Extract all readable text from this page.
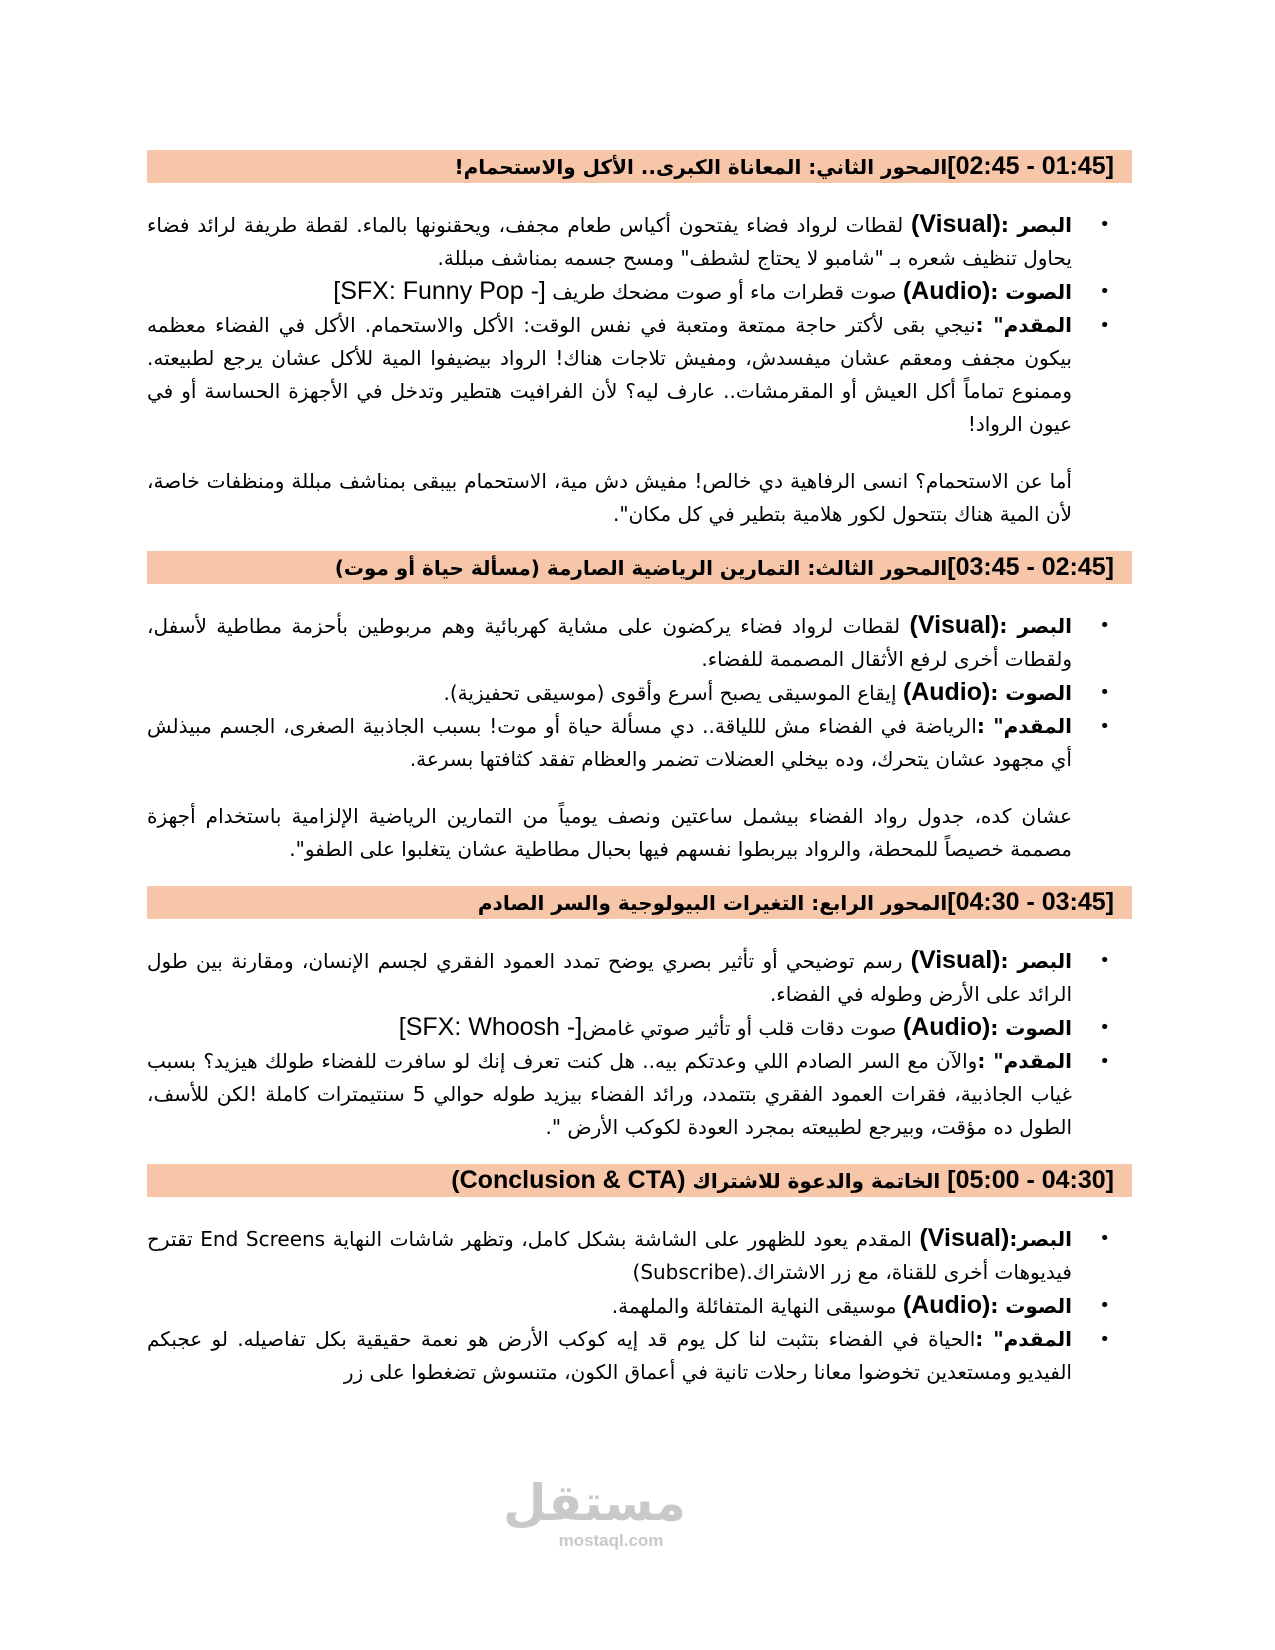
[02:45 - 01:45]المحور الثاني: المعاناة الكبرى.. الأكل والاستحمام!
• البصر :(Visual) لقطات لرواد فضاء يفتحون أكياس طعام مجفف، ويحقنونها بالماء. لقطة طريفة لرائد فضاء يحاول تنظيف شعره بـ "شامبو لا يحتاج لشطف" ومسح جسمه بمناشف مبللة.
• الصوت :(Audio) صوت قطرات ماء أو صوت مضحك طريف [SFX: Funny Pop -]
• المقدم" :نيجي بقى لأكتر حاجة ممتعة ومتعبة في نفس الوقت: الأكل والاستحمام. الأكل في الفضاء معظمه بيكون مجفف ومعقم عشان ميفسدش، ومفيش تلاجات هناك! الرواد بيضيفوا المية للأكل عشان يرجع لطبيعته. وممنوع تماماً أكل العيش أو المقرمشات.. عارف ليه؟ لأن الفرافيت هتطير وتدخل في الأجهزة الحساسة أو في عيون الرواد!
أما عن الاستحمام؟ انسى الرفاهية دي خالص! مفيش دش مية، الاستحمام بيبقى بمناشف مبللة ومنظفات خاصة، لأن المية هناك بتتحول لكور هلامية بتطير في كل مكان".
[03:45 - 02:45]المحور الثالث: التمارين الرياضية الصارمة (مسألة حياة أو موت)
• البصر :(Visual) لقطات لرواد فضاء يركضون على مشاية كهربائية وهم مربوطين بأحزمة مطاطية لأسفل، ولقطات أخرى لرفع الأثقال المصممة للفضاء.
• الصوت :(Audio) إيقاع الموسيقى يصبح أسرع وأقوى (موسيقى تحفيزية).
• المقدم" :الرياضة في الفضاء مش لللياقة.. دي مسألة حياة أو موت! بسبب الجاذبية الصغرى، الجسم مبيذلش أي مجهود عشان يتحرك، وده بيخلي العضلات تضمر والعظام تفقد كثافتها بسرعة.
عشان كده، جدول رواد الفضاء بيشمل ساعتين ونصف يومياً من التمارين الرياضية الإلزامية باستخدام أجهزة مصممة خصيصاً للمحطة، والرواد بيربطوا نفسهم فيها بحبال مطاطية عشان يتغلبوا على الطفو".
[04:30 - 03:45]المحور الرابع: التغيرات البيولوجية والسر الصادم
• البصر :(Visual) رسم توضيحي أو تأثير بصري يوضح تمدد العمود الفقري لجسم الإنسان، ومقارنة بين طول الرائد على الأرض وطوله في الفضاء.
• الصوت :(Audio) صوت دقات قلب أو تأثير صوتي غامض[SFX: Whoosh -]
• المقدم" :والآن مع السر الصادم اللي وعدتكم بيه.. هل كنت تعرف إنك لو سافرت للفضاء طولك هيزيد؟ بسبب غياب الجاذبية، فقرات العمود الفقري بتتمدد، ورائد الفضاء بيزيد طوله حوالي 5 سنتيمترات كاملة !لكن للأسف، الطول ده مؤقت، وبيرجع لطبيعته بمجرد العودة لكوكب الأرض ".
[05:00 - 04:30] الخاتمة والدعوة للاشتراك (Conclusion & CTA)
• البصر:(Visual) المقدم يعود للظهور على الشاشة بشكل كامل، وتظهر شاشات النهاية End Screens تقترح فيديوهات أخرى للقناة، مع زر الاشتراك.(Subscribe)
• الصوت :(Audio) موسيقى النهاية المتفائلة والملهمة.
• المقدم" :الحياة في الفضاء بتثبت لنا كل يوم قد إيه كوكب الأرض هو نعمة حقيقية بكل تفاصيله. لو عجبكم الفيديو ومستعدين تخوضوا معانا رحلات تانية في أعماق الكون، متنسوش تضغطوا على زر
مستقل
mostaql.com
